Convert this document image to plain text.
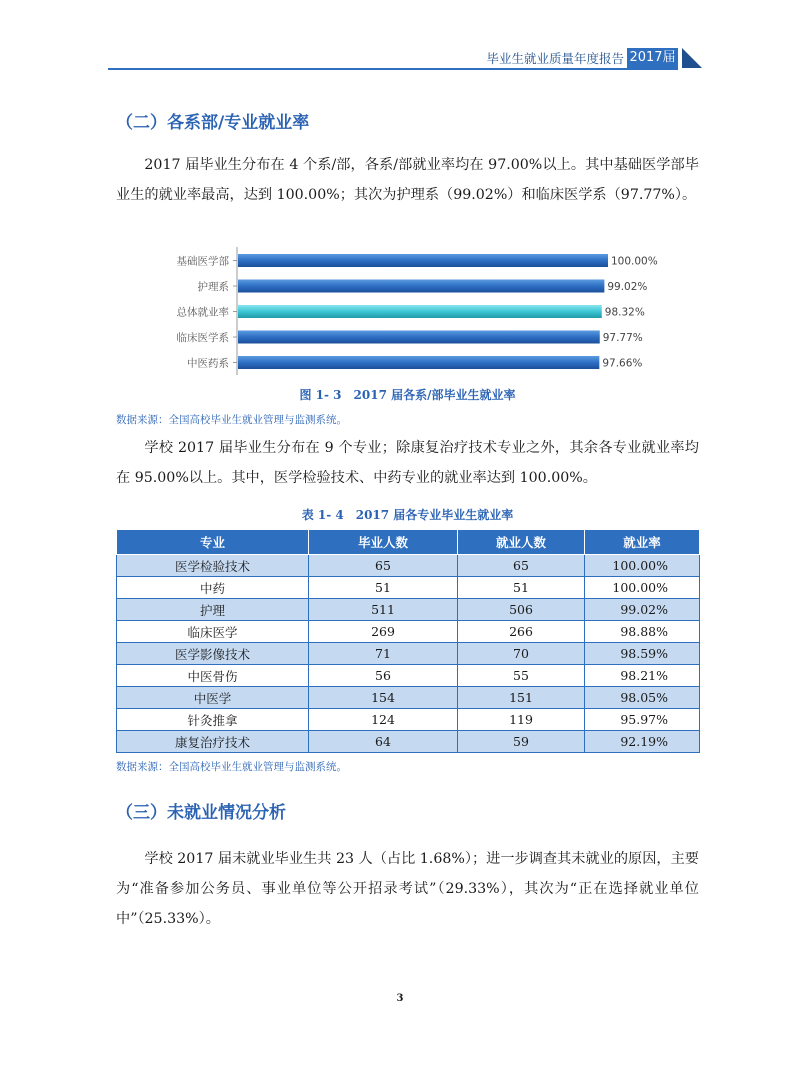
毕业生就业质量年度报告 2017届
（二）各系部/专业就业率

2017 届毕业生分布在 4 个系/部，各系/部就业率均在 97.00%以上。其中基础医学部毕业生的就业率最高，达到 100.00%；其次为护理系（99.02%）和临床医学系（97.77%）。

基础医学部	100.00%
护理系	99.02%
总体就业率	98.32%
临床医学系	97.77%
中医药系	97.66%
图 1- 3　2017 届各系/部毕业生就业率
数据来源：全国高校毕业生就业管理与监测系统。

学校 2017 届毕业生分布在 9 个专业；除康复治疗技术专业之外，其余各专业就业率均在 95.00%以上。其中，医学检验技术、中药专业的就业率达到 100.00%。

表 1- 4　2017 届各专业毕业生就业率
专业	毕业人数	就业人数	就业率
医学检验技术	65	65	100.00%
中药	51	51	100.00%
护理	511	506	99.02%
临床医学	269	266	98.88%
医学影像技术	71	70	98.59%
中医骨伤	56	55	98.21%
中医学	154	151	98.05%
针灸推拿	124	119	95.97%
康复治疗技术	64	59	92.19%
数据来源：全国高校毕业生就业管理与监测系统。
（三）未就业情况分析

学校 2017 届未就业毕业生共 23 人（占比 1.68%）；进一步调查其未就业的原因，主要为“准备参加公务员、事业单位等公开招录考试”（29.33%），其次为“正在选择就业单位中”（25.33%）。

3
